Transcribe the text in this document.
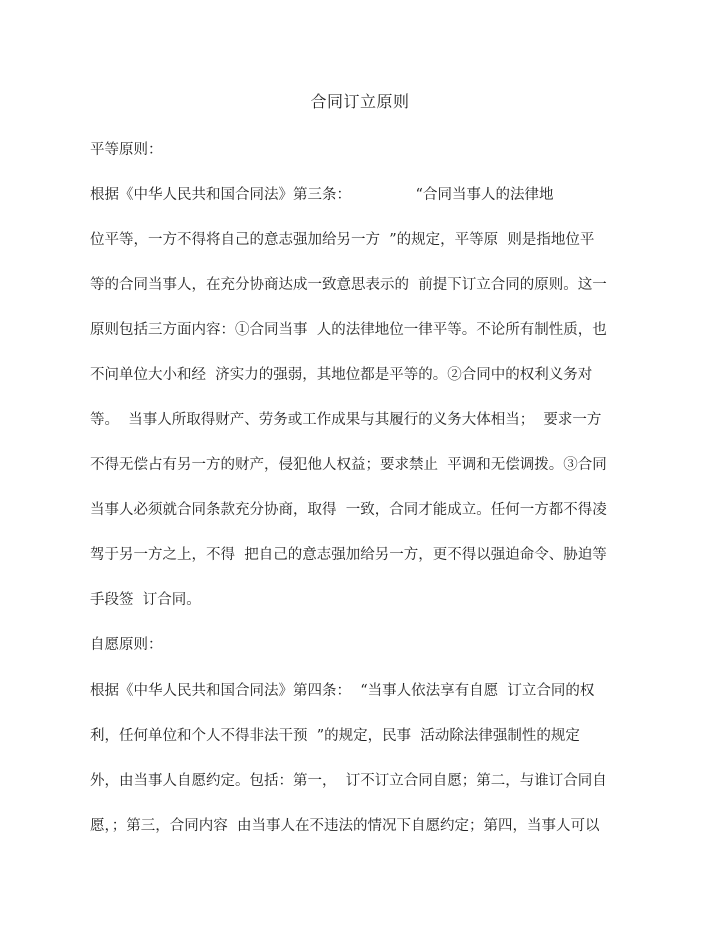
合同订立原则
平等原则：
根据《中华人民共和国合同法》第三条：              “合同当事人的法律地
位平等，一方不得将自己的意志强加给另一方  ”的规定，平等原  则是指地位平
等的合同当事人，在充分协商达成一致意思表示的  前提下订立合同的原则。这一
原则包括三方面内容：①合同当事  人的法律地位一律平等。不论所有制性质，也
不问单位大小和经  济实力的强弱，其地位都是平等的。②合同中的权利义务对
等。  当事人所取得财产、劳务或工作成果与其履行的义务大体相当；  要求一方
不得无偿占有另一方的财产，侵犯他人权益；要求禁止  平调和无偿调拨。③合同
当事人必须就合同条款充分协商，取得  一致，合同才能成立。任何一方都不得凌
驾于另一方之上，不得  把自己的意志强加给另一方，更不得以强迫命令、胁迫等
手段签  订合同。
自愿原则：
根据《中华人民共和国合同法》第四条：  “当事人依法享有自愿  订立合同的权
利，任何单位和个人不得非法干预  ”的规定，民事  活动除法律强制性的规定
外，由当事人自愿约定。包括：第一，  订不订立合同自愿；第二，与谁订合同自
愿，；第三，合同内容  由当事人在不违法的情况下自愿约定；第四，当事人可以
